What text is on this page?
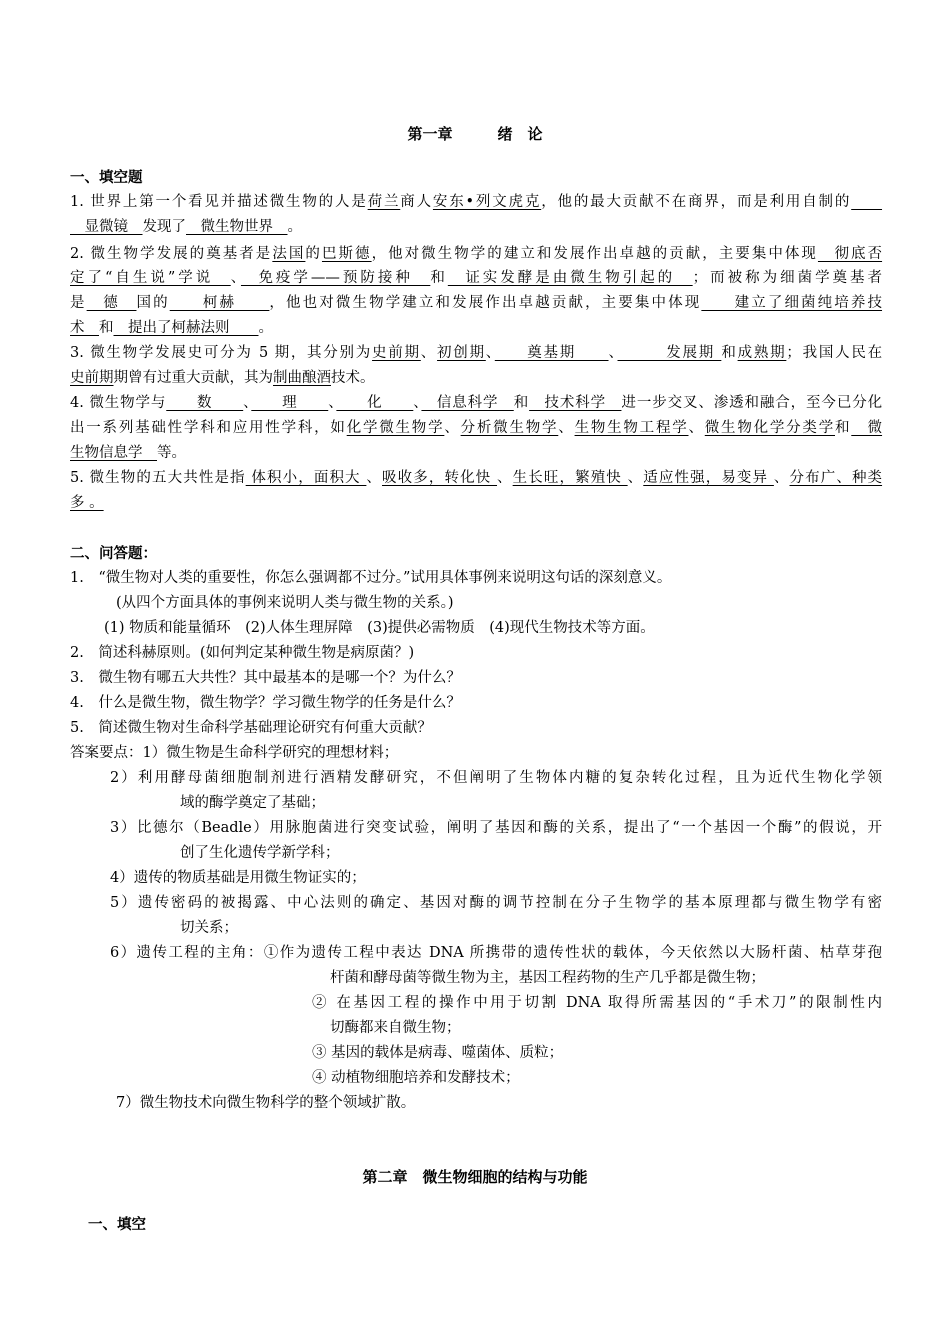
第一章　　　绪　论
一、填空题
1. 世界上第一个看见并描述微生物的人是荷兰商人安东•列文虎克，他的最大贡献不在商界，而是利用自制的　　
　显微镜　发现了　微生物世界　。
2. 微生物学发展的奠基者是法国的巴斯德，他对微生物学的建立和发展作出卓越的贡献，主要集中体现　彻底否
定了“自生说”学说　、　免疫学——预防接种　和　证实发酵是由微生物引起的　；而被称为细菌学奠基者
是　德　国的　　柯赫　　，他也对微生物学建立和发展作出卓越贡献，主要集中体现　　建立了细菌纯培养技
术　和　提出了柯赫法则　　。
3. 微生物学发展史可分为 5 期，其分别为史前期、初创期、　　奠基期　　、　　　发展期 和成熟期；我国人民在
史前期期曾有过重大贡献，其为制曲酿酒技术。
4. 微生物学与　　数　　、　　理　　、　　化　　、　信息科学　和　技术科学　进一步交叉、渗透和融合，至今已分化
出一系列基础性学科和应用性学科，如化学微生物学、分析微生物学、生物生物工程学、微生物化学分类学和　微
生物信息学　等。
5. 微生物的五大共性是指 体积小，面积大 、吸收多，转化快 、生长旺，繁殖快 、适应性强，易变异 、分布广、种类
多 。
二、问答题：
1.　“微生物对人类的重要性，你怎么强调都不过分。”试用具体事例来说明这句话的深刻意义。
(从四个方面具体的事例来说明人类与微生物的关系。)
(1) 物质和能量循环　(2)人体生理屏障　(3)提供必需物质　(4)现代生物技术等方面。
2.　简述科赫原则。(如何判定某种微生物是病原菌？)
3.　微生物有哪五大共性？其中最基本的是哪一个？为什么？
4.　什么是微生物，微生物学？学习微生物学的任务是什么？
5.　简述微生物对生命科学基础理论研究有何重大贡献？
答案要点：1）微生物是生命科学研究的理想材料；
2）利用酵母菌细胞制剂进行酒精发酵研究，不但阐明了生物体内糖的复杂转化过程，且为近代生物化学领
域的酶学奠定了基础；
3）比德尔（Beadle）用脉胞菌进行突变试验，阐明了基因和酶的关系，提出了“一个基因一个酶”的假说，开
创了生化遗传学新学科；
4）遗传的物质基础是用微生物证实的；
5）遗传密码的被揭露、中心法则的确定、基因对酶的调节控制在分子生物学的基本原理都与微生物学有密
切关系；
6）遗传工程的主角：①作为遗传工程中表达 DNA 所携带的遗传性状的载体，今天依然以大肠杆菌、枯草芽孢
杆菌和酵母菌等微生物为主，基因工程药物的生产几乎都是微生物；
② 在基因工程的操作中用于切割 DNA 取得所需基因的“手术刀”的限制性内
切酶都来自微生物；
③ 基因的载体是病毒、噬菌体、质粒；
④ 动植物细胞培养和发酵技术；
7）微生物技术向微生物科学的整个领域扩散。
第二章　微生物细胞的结构与功能
一、填空
